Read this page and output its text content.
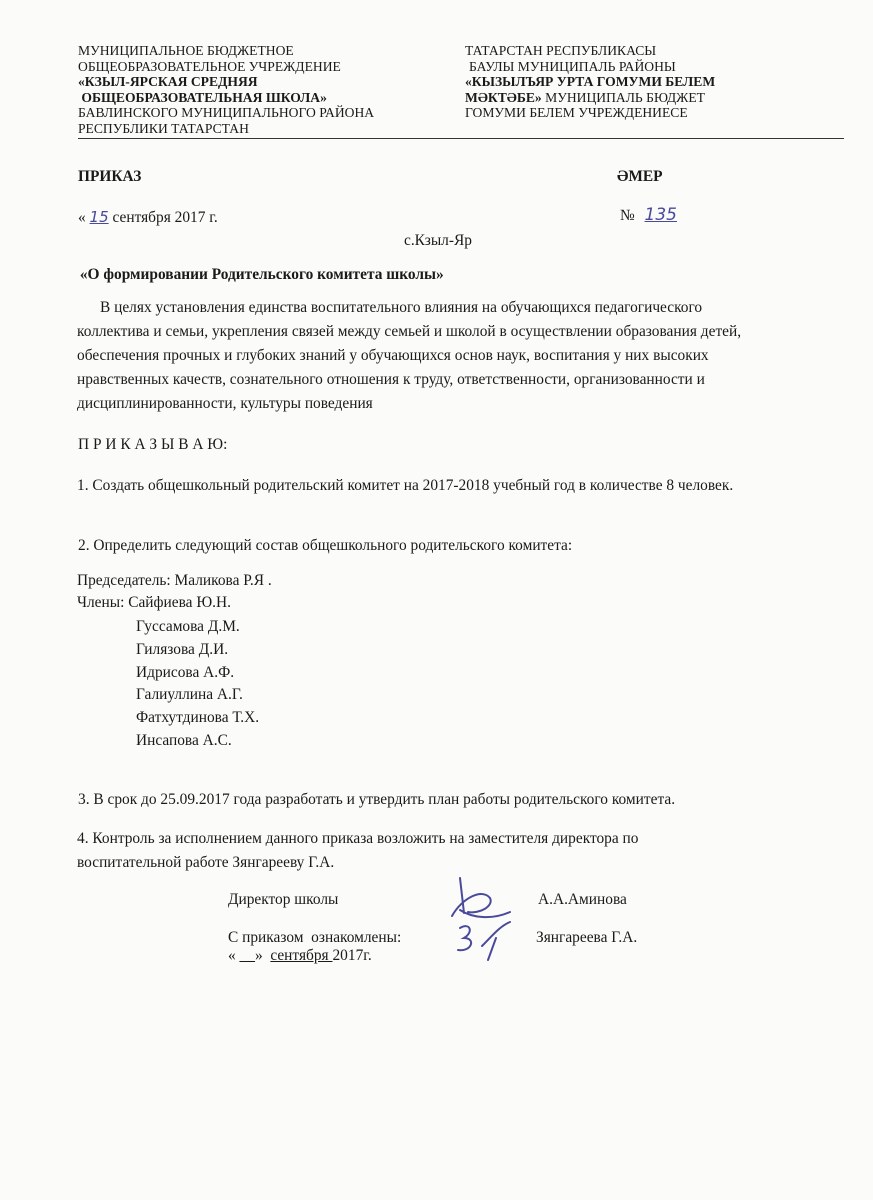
МУНИЦИПАЛЬНОЕ БЮДЖЕТНОЕ
ОБЩЕОБРАЗОВАТЕЛЬНОЕ УЧРЕЖДЕНИЕ
«КЗЫЛ-ЯРСКАЯ СРЕДНЯЯ
ОБЩЕОБРАЗОВАТЕЛЬНАЯ ШКОЛА»
БАВЛИНСКОГО МУНИЦИПАЛЬНОГО РАЙОНА
РЕСПУБЛИКИ ТАТАРСТАН
ТАТАРСТАН РЕСПУБЛИКАСЫ
БАУЛЫ МУНИЦИПАЛЬ РАЙОНЫ
«КЫЗЫЛЪЯР УРТА ГОМУМИ БЕЛЕМ
МӘКТӘБЕ» МУНИЦИПАЛЬ БЮДЖЕТ
ГОМУМИ БЕЛЕМ УЧРЕЖДЕНИЕСЕ
ПРИКАЗ	ӘМЕР
« 15 сентября 2017 г.	№ 135
с.Кзыл-Яр
«О формировании Родительского комитета школы»
В целях установления единства воспитательного влияния на обучающихся педагогического коллектива и семьи, укрепления связей между семьей и школой в осуществлении образования детей, обеспечения прочных и глубоких знаний у обучающихся основ наук, воспитания у них высоких нравственных качеств, сознательного отношения к труду, ответственности, организованности и дисциплинированности, культуры поведения
П Р И К А З Ы В А Ю:
1. Создать общешкольный родительский комитет на 2017-2018 учебный год в количестве 8 человек.
2. Определить следующий состав общешкольного родительского комитета:
Председатель: Маликова Р.Я .
Члены: Сайфиева Ю.Н.
Гуссамова Д.М.
Гилязова Д.И.
Идрисова А.Ф.
Галиуллина А.Г.
Фатхутдинова Т.Х.
Инсапова А.С.
3. В срок до 25.09.2017 года разработать и утвердить план работы родительского комитета.
4. Контроль за исполнением данного приказа возложить на заместителя директора по воспитательной работе Зянгарееву Г.А.
Директор школы	А.А.Аминова
С приказом  ознакомлены:	Зянгареева Г.А.
« __»  сентября 2017г.
